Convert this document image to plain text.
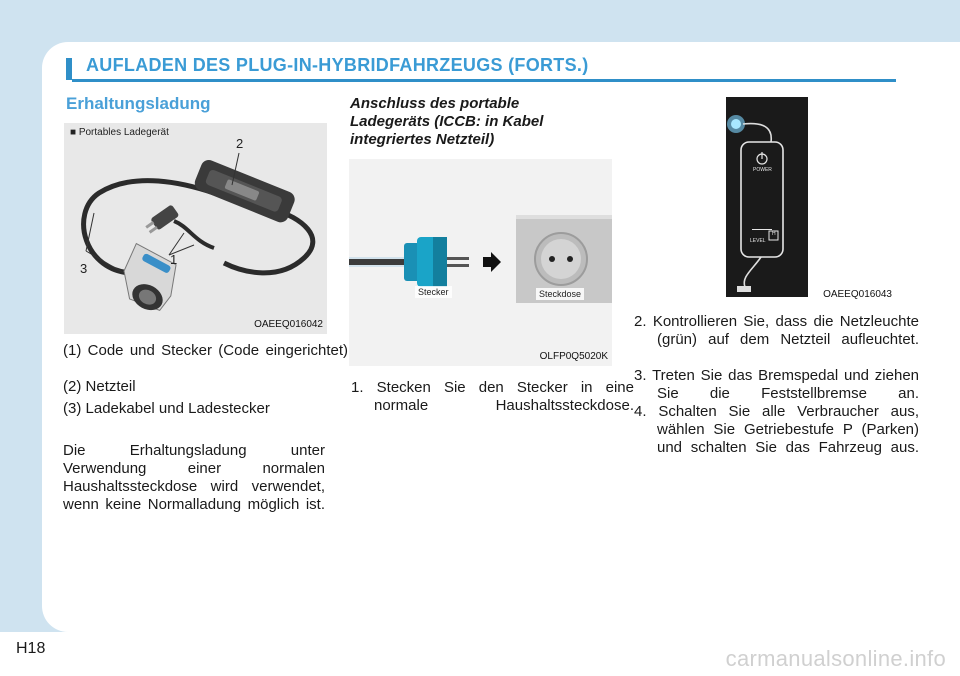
AUFLADEN DES PLUG-IN-HYBRIDFAHRZEUGS (FORTS.)
Erhaltungsladung
■ Portables Ladegerät
2
1
3
OAEEQ016042
(1) Code und Stecker (Code eingerichtet)
(2) Netzteil
(3) Ladekabel und Ladestecker
Die Erhaltungsladung unter Verwendung einer normalen Haushaltssteckdose wird verwendet, wenn keine Normalladung möglich ist.
Anschluss des portable Ladegeräts (ICCB: in Kabel integriertes Netzteil)
Stecker	Steckdose
OLFP0Q5020K
1. Stecken Sie den Stecker in eine normale Haushaltssteckdose.
POWER
LEVEL
H
OAEEQ016043
2. Kontrollieren Sie, dass die Netzleuchte (grün) auf dem Netzteil aufleuchtet.
3. Treten Sie das Bremspedal und ziehen Sie die Feststellbremse an.
4. Schalten Sie alle Verbraucher aus, wählen Sie Getriebestufe P (Parken) und schalten Sie das Fahrzeug aus.
H18	carmanualsonline.info
